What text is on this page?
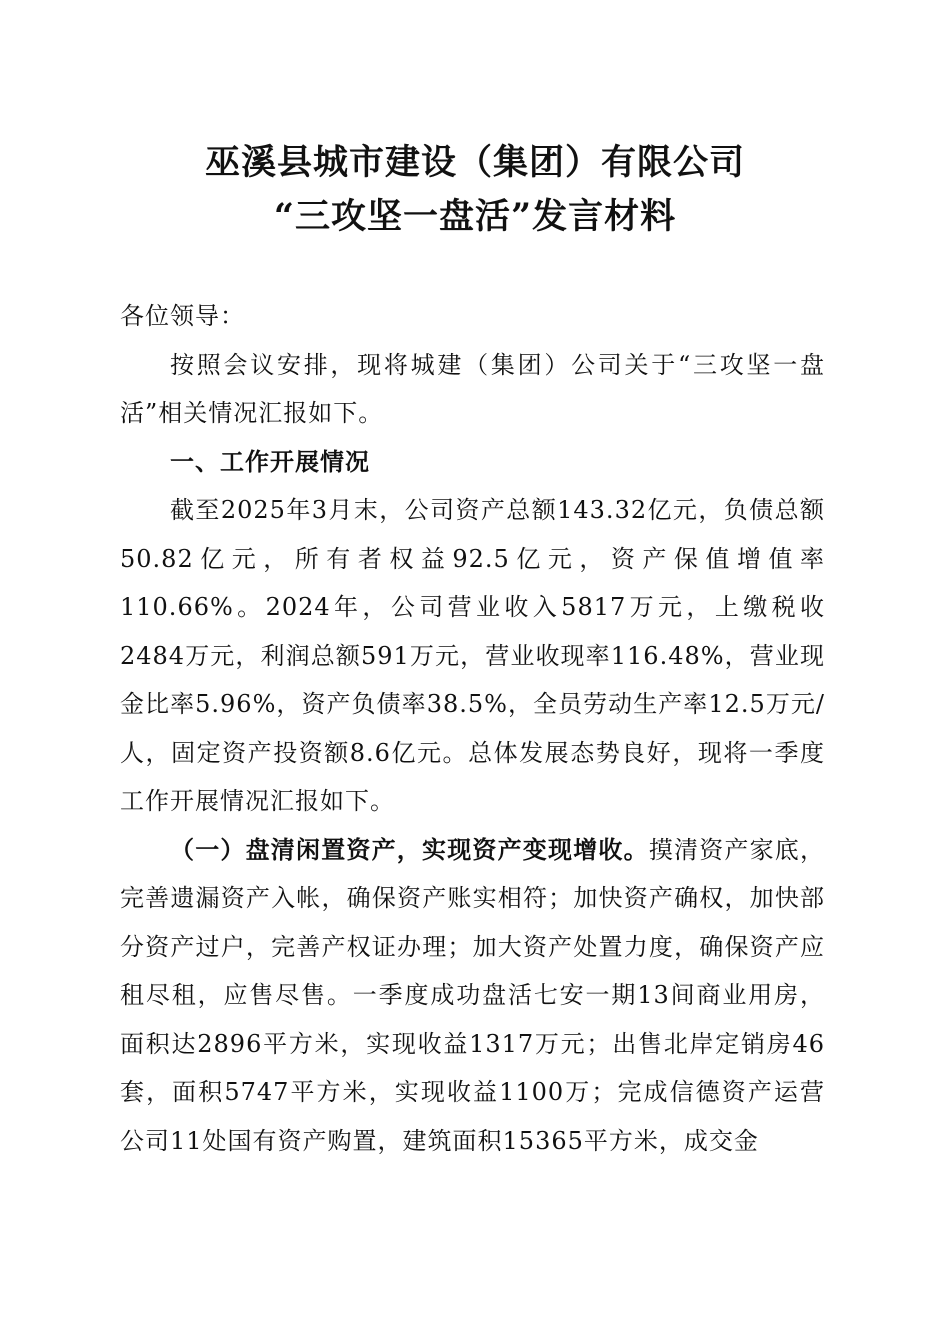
巫溪县城市建设（集团）有限公司
“三攻坚一盘活”发言材料

各位领导：

按照会议安排，现将城建（集团）公司关于“三攻坚一盘活”相关情况汇报如下。

一、工作开展情况

截至2025年3月末，公司资产总额143.32亿元，负债总额50.82亿元，所有者权益92.5亿元，资产保值增值率110.66%。2024年，公司营业收入5817万元，上缴税收2484万元，利润总额591万元，营业收现率116.48%，营业现金比率5.96%，资产负债率38.5%，全员劳动生产率12.5万元/人，固定资产投资额8.6亿元。总体发展态势良好，现将一季度工作开展情况汇报如下。

（一）盘清闲置资产，实现资产变现增收。摸清资产家底，完善遗漏资产入帐，确保资产账实相符；加快资产确权，加快部分资产过户，完善产权证办理；加大资产处置力度，确保资产应租尽租，应售尽售。一季度成功盘活七安一期13间商业用房，面积达2896平方米，实现收益1317万元；出售北岸定销房46套，面积5747平方米，实现收益1100万；完成信德资产运营公司11处国有资产购置，建筑面积15365平方米，成交金
